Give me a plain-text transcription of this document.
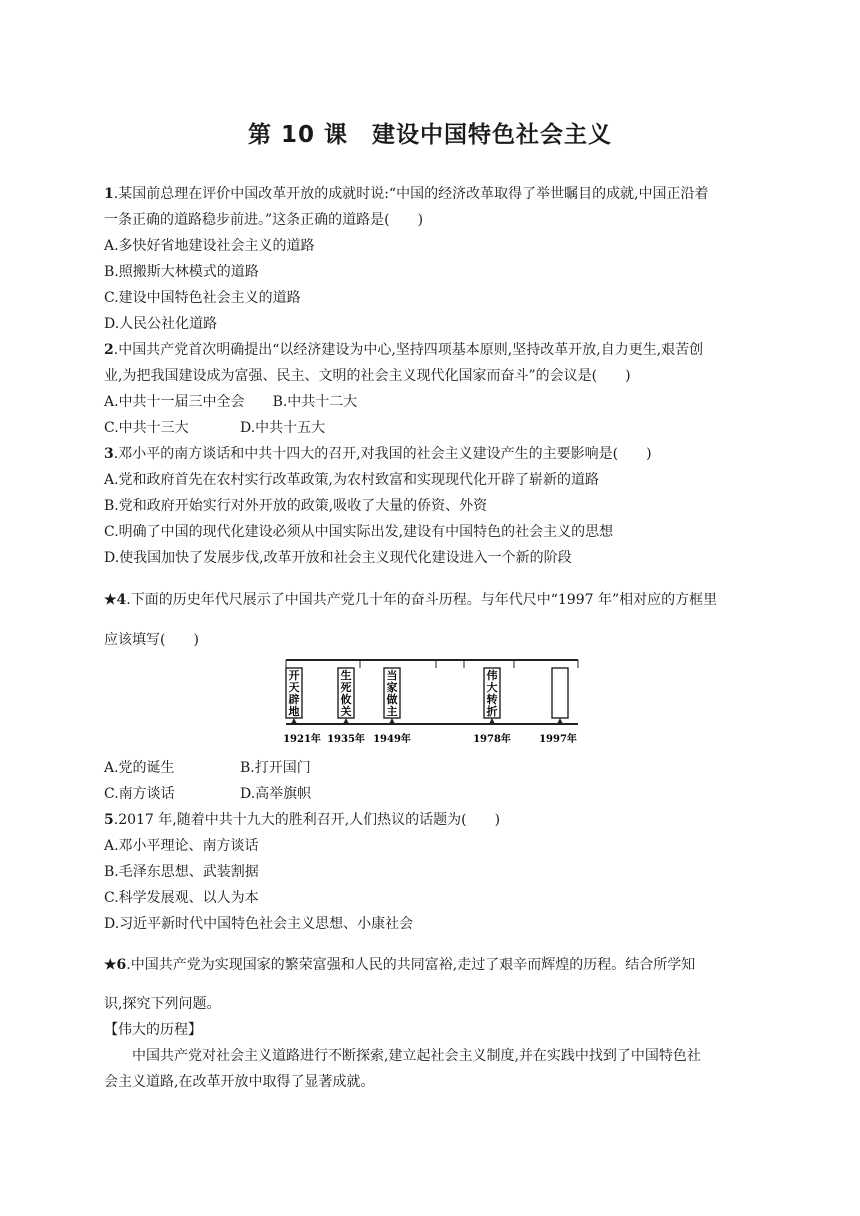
第 10 课　建设中国特色社会主义
1.某国前总理在评价中国改革开放的成就时说:“中国的经济改革取得了举世瞩目的成就,中国正沿着
一条正确的道路稳步前进。”这条正确的道路是(　　)
A.多快好省地建设社会主义的道路
B.照搬斯大林模式的道路
C.建设中国特色社会主义的道路
D.人民公社化道路
2.中国共产党首次明确提出“以经济建设为中心,坚持四项基本原则,坚持改革开放,自力更生,艰苦创
业,为把我国建设成为富强、民主、文明的社会主义现代化国家而奋斗”的会议是(　　)
A.中共十一届三中全会 B.中共十二大
C.中共十三大	D.中共十五大
3.邓小平的南方谈话和中共十四大的召开,对我国的社会主义建设产生的主要影响是(　　)
A.党和政府首先在农村实行改革政策,为农村致富和实现现代化开辟了崭新的道路
B.党和政府开始实行对外开放的政策,吸收了大量的侨资、外资
C.明确了中国的现代化建设必须从中国实际出发,建设有中国特色的社会主义的思想
D.使我国加快了发展步伐,改革开放和社会主义现代化建设进入一个新的阶段
★4.下面的历史年代尺展示了中国共产党几十年的奋斗历程。与年代尺中“1997 年”相对应的方框里
应该填写(　　)
开
天
辟
地
1921年
生
死
攸
关
1935年
当
家
做
主
1949年
伟
大
转
折
1978年	1997年
A.党的诞生	B.打开国门
C.南方谈话	D.高举旗帜
5.2017 年,随着中共十九大的胜利召开,人们热议的话题为(　　)
A.邓小平理论、南方谈话
B.毛泽东思想、武装割据
C.科学发展观、以人为本
D.习近平新时代中国特色社会主义思想、小康社会
★6.中国共产党为实现国家的繁荣富强和人民的共同富裕,走过了艰辛而辉煌的历程。结合所学知
识,探究下列问题。
【伟大的历程】
中国共产党对社会主义道路进行不断探索,建立起社会主义制度,并在实践中找到了中国特色社
会主义道路,在改革开放中取得了显著成就。
